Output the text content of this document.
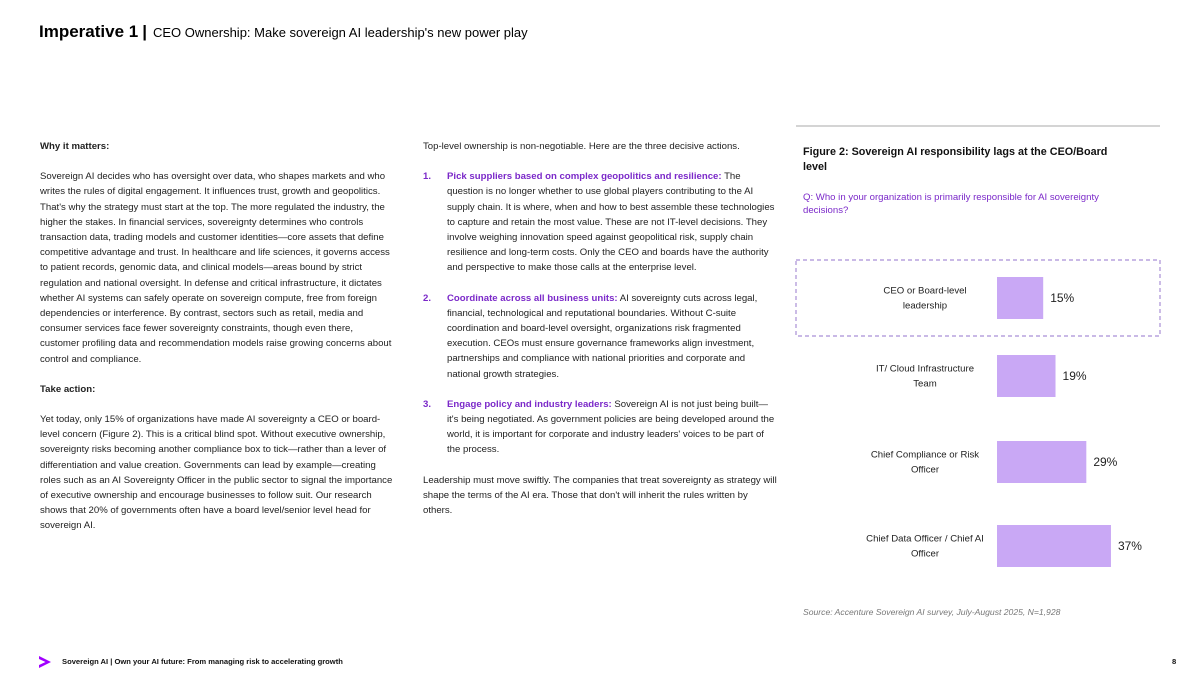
Imperative 1 | CEO Ownership: Make sovereign AI leadership's new power play

Why it matters:

Sovereign AI decides who has oversight over data, who shapes markets and who writes the rules of digital engagement. It influences trust, growth and geopolitics. That's why the strategy must start at the top. The more regulated the industry, the higher the stakes. In financial services, sovereignty determines who controls transaction data, trading models and customer identities—core assets that define competitive advantage and trust. In healthcare and life sciences, it governs access to patient records, genomic data, and clinical models—areas bound by strict regulation and national oversight. In defense and critical infrastructure, it dictates whether AI systems can safely operate on sovereign compute, free from foreign dependencies or interference. By contrast, sectors such as retail, media and consumer services face fewer sovereignty constraints, though even there, customer profiling data and recommendation models raise growing concerns about control and compliance.

Take action:

Yet today, only 15% of organizations have made AI sovereignty a CEO or board-level concern (Figure 2). This is a critical blind spot. Without executive ownership, sovereignty risks becoming another compliance box to tick—rather than a lever of differentiation and value creation. Governments can lead by example—creating roles such as an AI Sovereignty Officer in the public sector to signal the importance of executive ownership and encourage businesses to follow suit. Our research shows that 20% of governments often have a board level/senior level head for sovereign AI.

Top-level ownership is non-negotiable. Here are the three decisive actions.

1.	Pick suppliers based on complex geopolitics and resilience: The question is no longer whether to use global players contributing to the AI supply chain. It is where, when and how to best assemble these technologies to capture and retain the most value. These are not IT-level decisions. They involve weighing innovation speed against geopolitical risk, supply chain resilience and long-term costs. Only the CEO and boards have the authority and perspective to make those calls at the enterprise level.

2.	Coordinate across all business units: AI sovereignty cuts across legal, financial, technological and reputational boundaries. Without C-suite coordination and board-level oversight, organizations risk fragmented execution. CEOs must ensure governance frameworks align investment, partnerships and compliance with national priorities and corporate and national growth strategies.

3.	Engage policy and industry leaders: Sovereign AI is not just being built—it's being negotiated. As government policies are being developed around the world, it is important for corporate and industry leaders' voices to be part of the process.

Leadership must move swiftly. The companies that treat sovereignty as strategy will shape the terms of the AI era. Those that don't will inherit the rules written by others.

Figure 2: Sovereign AI responsibility lags at the CEO/Board level
Q: Who in your organization is primarily responsible for AI sovereignty decisions?
15%
CEO or Board-level
leadership
19%
IT/ Cloud Infrastructure
Team
29%
Chief Compliance or Risk
Officer
37%
Chief Data Officer / Chief AI
Officer
Source: Accenture Sovereign AI survey, July-August 2025, N=1,928
Sovereign AI | Own your AI future: From managing risk to accelerating growth	8
